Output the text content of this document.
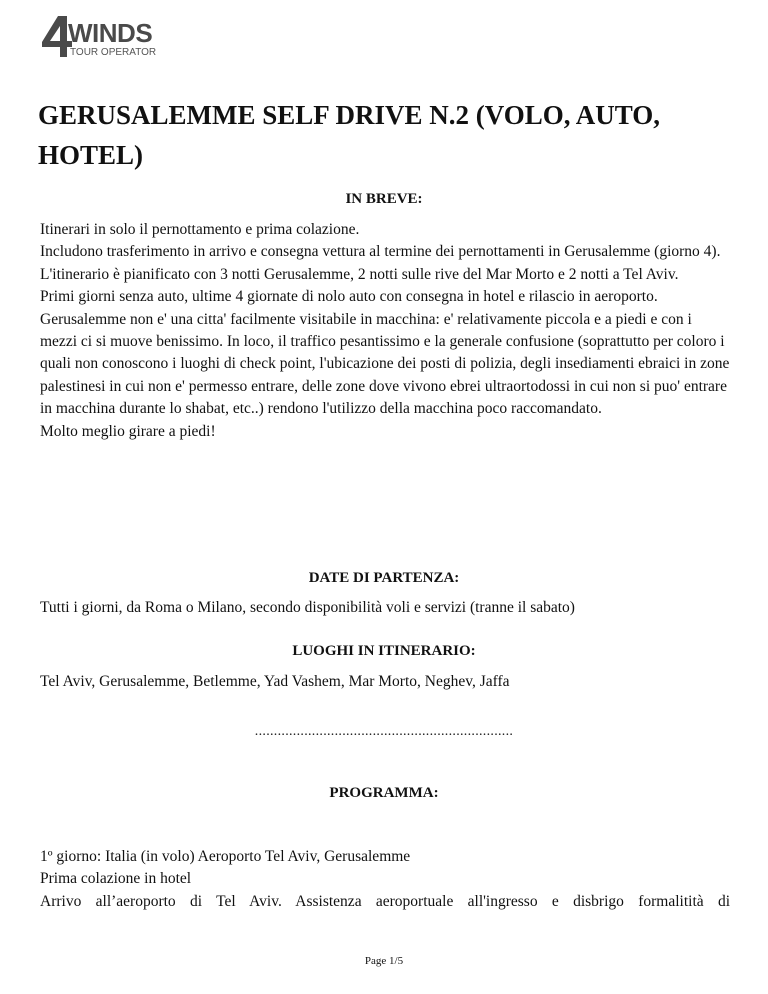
WINDS
TOUR OPERATOR
GERUSALEMME SELF DRIVE N.2 (VOLO, AUTO, HOTEL)
IN BREVE:

Itinerari in solo il pernottamento e prima colazione.

Includono trasferimento in arrivo e consegna vettura al termine dei pernottamenti in Gerusalemme (giorno 4).

L'itinerario è pianificato con 3 notti Gerusalemme, 2 notti sulle rive del Mar Morto e 2 notti a Tel Aviv.

Primi giorni senza auto, ultime 4 giornate di nolo auto con consegna in hotel e rilascio in aeroporto.

Gerusalemme non e' una citta' facilmente visitabile in macchina: e' relativamente piccola e a piedi e con i mezzi ci si muove benissimo. In loco, il traffico pesantissimo e la generale confusione (soprattutto per coloro i quali non conoscono i luoghi di check point, l'ubicazione dei posti di polizia, degli insediamenti ebraici in zone palestinesi in cui non e' permesso entrare, delle zone dove vivono ebrei ultraortodossi in cui non si puo' entrare in macchina durante lo shabat, etc..) rendono l'utilizzo della macchina poco raccomandato.

Molto meglio girare a piedi!

DATE DI PARTENZA:
Tutti i giorni, da Roma o Milano, secondo disponibilità voli e servizi (tranne il sabato)
LUOGHI IN ITINERARIO:
Tel Aviv, Gerusalemme, Betlemme, Yad Vashem, Mar Morto, Neghev, Jaffa
....................................................................
PROGRAMMA:

1º giorno: Italia (in volo) Aeroporto Tel Aviv, Gerusalemme

Prima colazione in hotel

Arrivo all’aeroporto di Tel Aviv. Assistenza aeroportuale all'ingresso e disbrigo formalitità di

Page 1/5
